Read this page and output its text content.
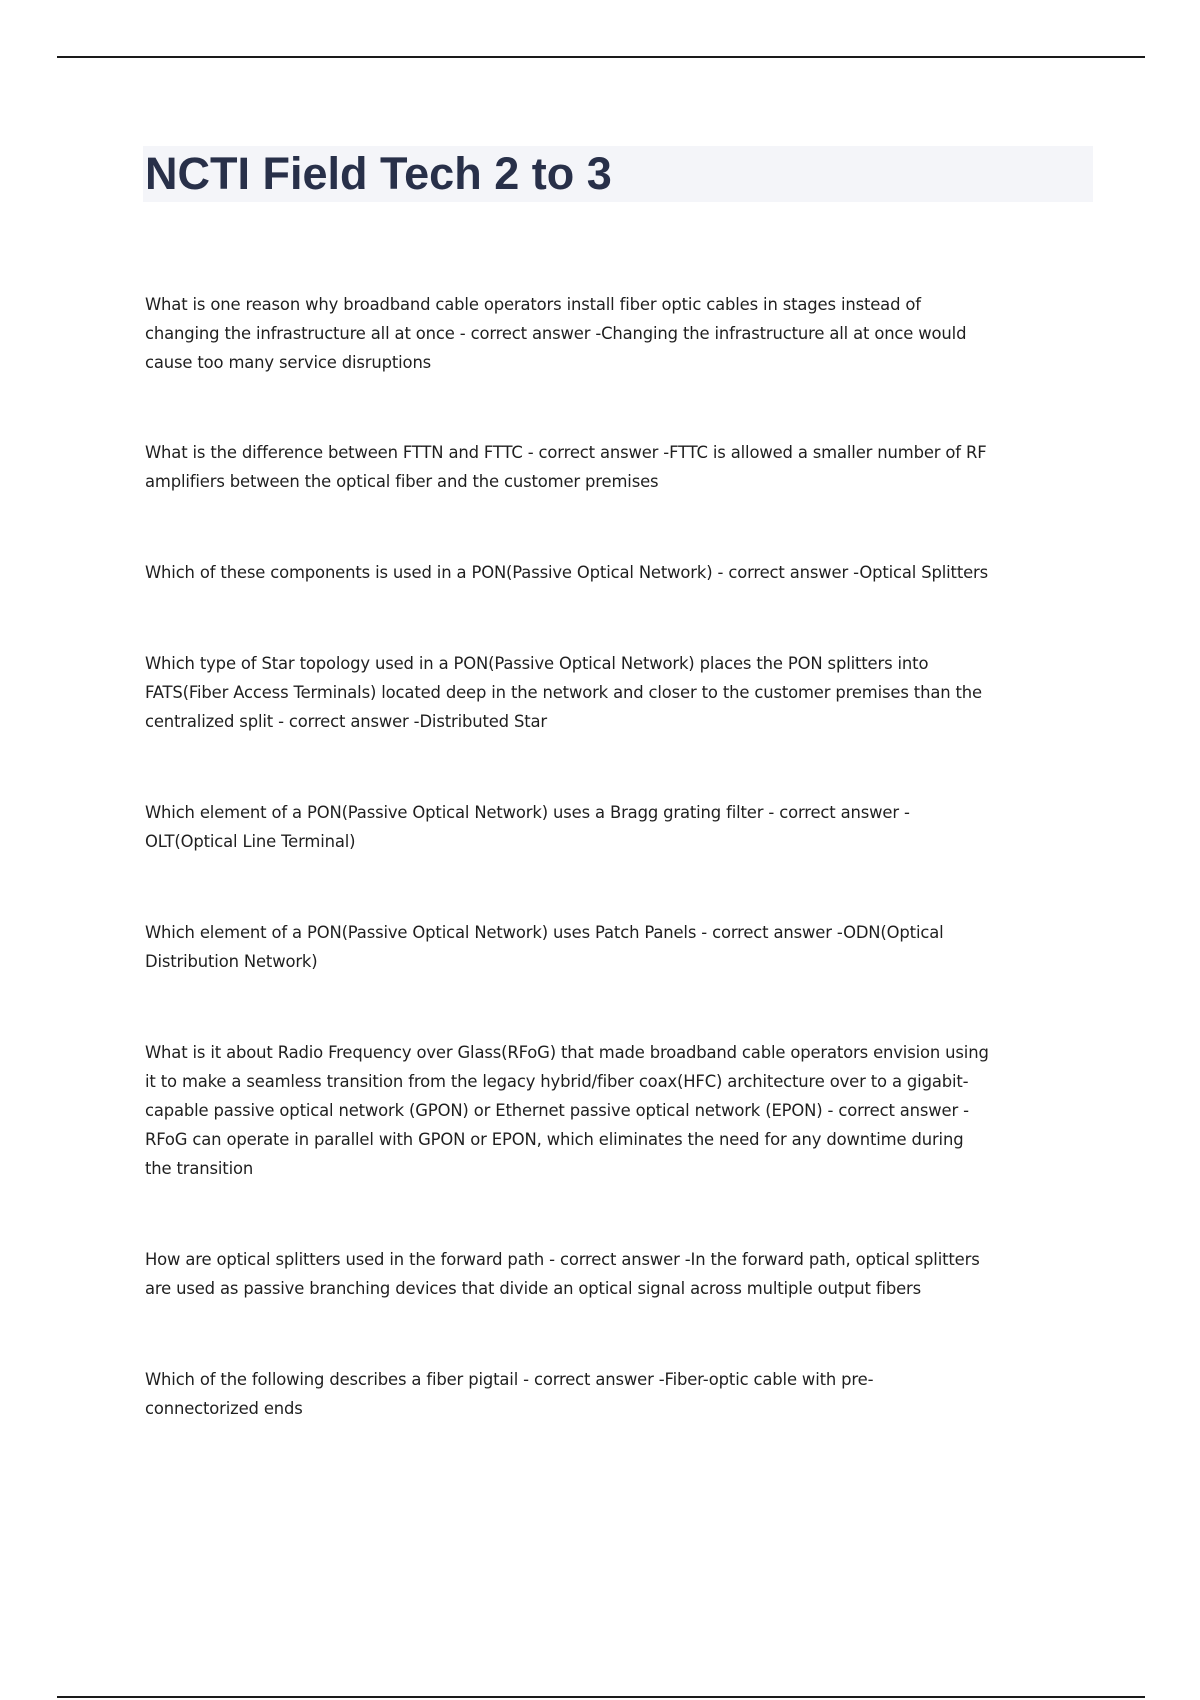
NCTI Field Tech 2 to 3

What is one reason why broadband cable operators install fiber optic cables in stages instead of
changing the infrastructure all at once - correct answer -Changing the infrastructure all at once would
cause too many service disruptions

What is the difference between FTTN and FTTC - correct answer -FTTC is allowed a smaller number of RF
amplifiers between the optical fiber and the customer premises

Which of these components is used in a PON(Passive Optical Network) - correct answer -Optical Splitters

Which type of Star topology used in a PON(Passive Optical Network) places the PON splitters into
FATS(Fiber Access Terminals) located deep in the network and closer to the customer premises than the
centralized split - correct answer -Distributed Star

Which element of a PON(Passive Optical Network) uses a Bragg grating filter - correct answer -
OLT(Optical Line Terminal)

Which element of a PON(Passive Optical Network) uses Patch Panels - correct answer -ODN(Optical
Distribution Network)

What is it about Radio Frequency over Glass(RFoG) that made broadband cable operators envision using
it to make a seamless transition from the legacy hybrid/fiber coax(HFC) architecture over to a gigabit-
capable passive optical network (GPON) or Ethernet passive optical network (EPON) - correct answer -
RFoG can operate in parallel with GPON or EPON, which eliminates the need for any downtime during
the transition

How are optical splitters used in the forward path - correct answer -In the forward path, optical splitters
are used as passive branching devices that divide an optical signal across multiple output fibers

Which of the following describes a fiber pigtail - correct answer -Fiber-optic cable with pre-
connectorized ends
